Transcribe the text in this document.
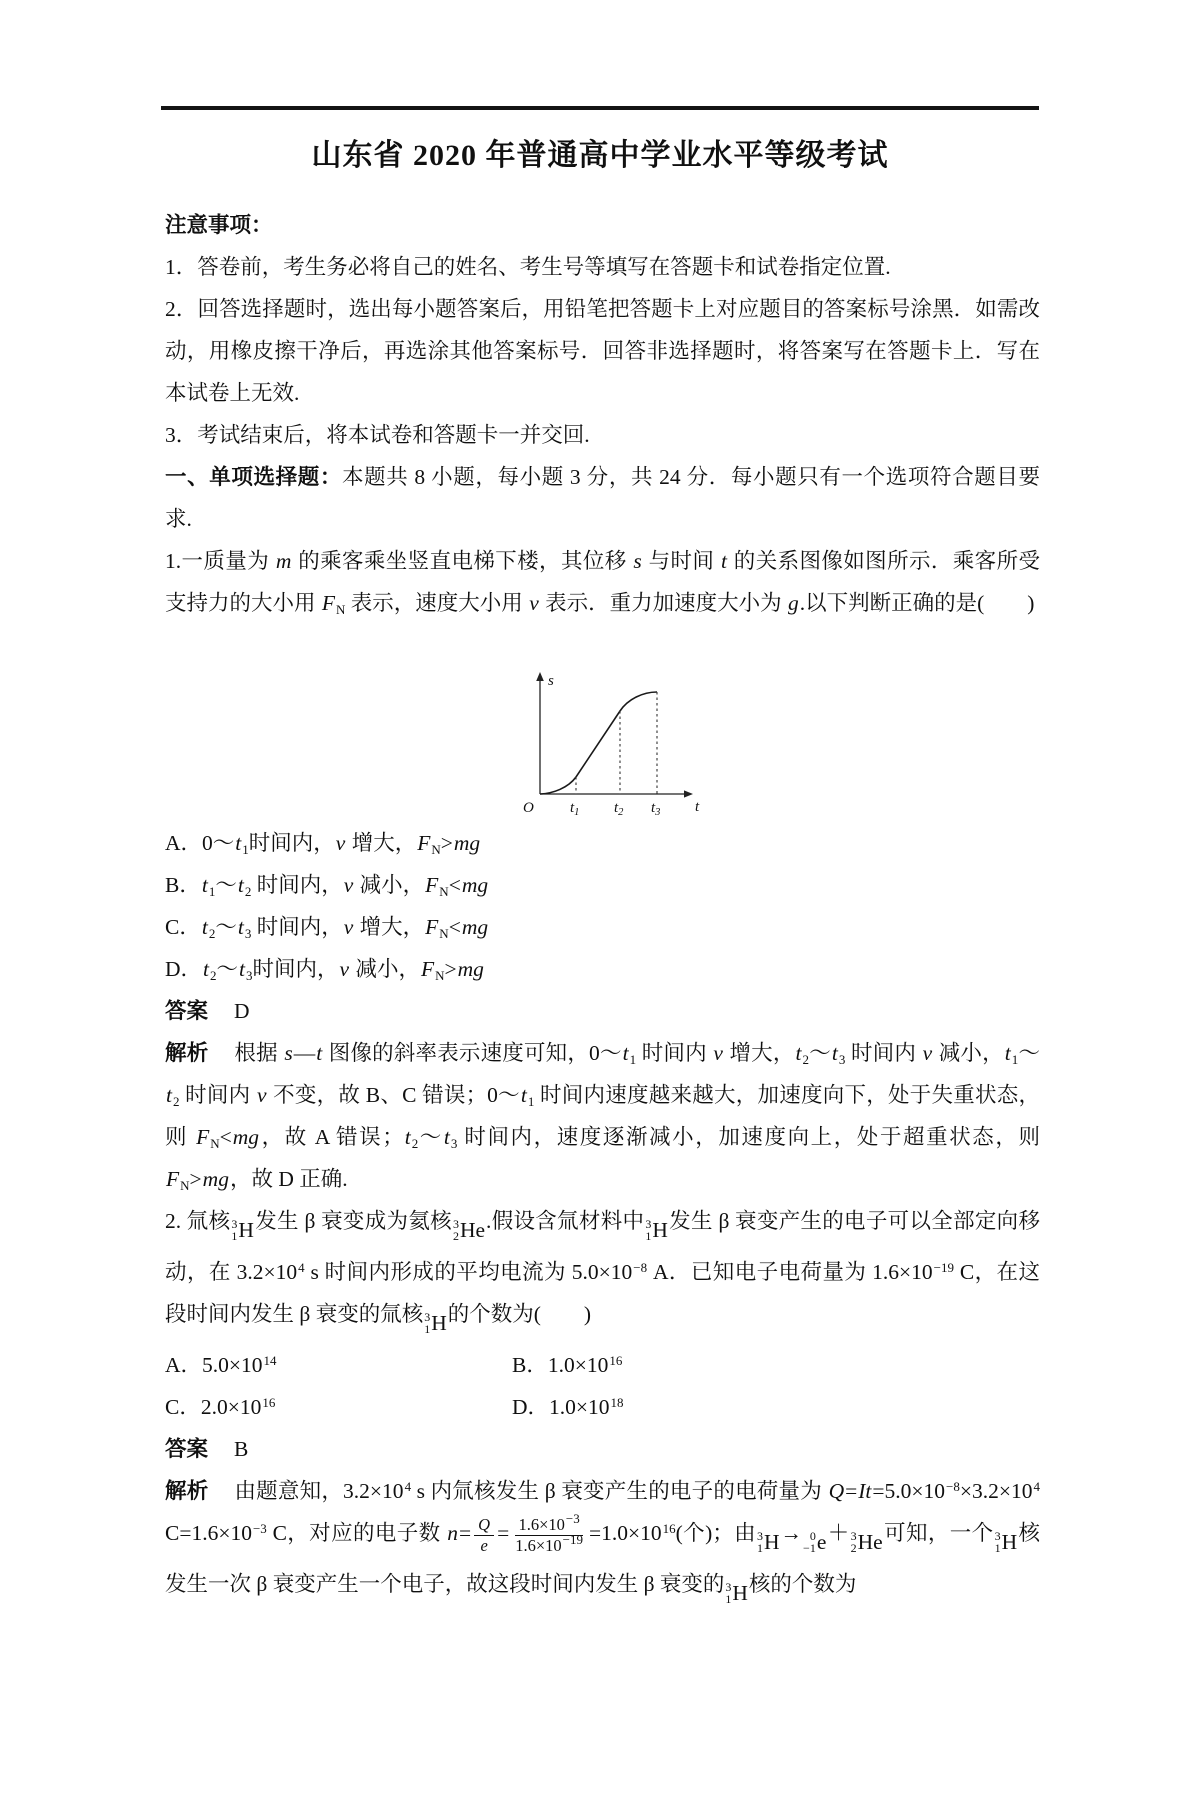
山东省 2020 年普通高中学业水平等级考试

注意事项：

1．答卷前，考生务必将自己的姓名、考生号等填写在答题卡和试卷指定位置.

2．回答选择题时，选出每小题答案后，用铅笔把答题卡上对应题目的答案标号涂黑．如需改动，用橡皮擦干净后，再选涂其他答案标号．回答非选择题时，将答案写在答题卡上．写在本试卷上无效.

3．考试结束后，将本试卷和答题卡一并交回.

一、单项选择题：本题共 8 小题，每小题 3 分，共 24 分．每小题只有一个选项符合题目要求.

1.一质量为 m 的乘客乘坐竖直电梯下楼，其位移 s 与时间 t 的关系图像如图所示．乘客所受支持力的大小用 $F_N$ 表示，速度大小用 v 表示．重力加速度大小为 g.以下判断正确的是(　　)

s
t
O $t_1$ $t_2$ $t_3$

A．$0\sim t_1$时间内，v 增大，$F_N>mg$

B．$t_1\sim t_2$ 时间内，v 减小，$F_N<mg$

C．$t_2\sim t_3$ 时间内，v 增大，$F_N<mg$

D．$t_2\sim t_3$时间内，v 减小，$F_N>mg$

答案 D

解析 根据 s—t 图像的斜率表示速度可知，$0\sim t_1$ 时间内 v 增大，$t_2\sim t_3$ 时间内 v 减小，$t_1\sim t_2$ 时间内 v 不变，故 B、C 错误；$0\sim t_1$ 时间内速度越来越大，加速度向下，处于失重状态，则 $F_N<mg$，故 A 错误；$t_2\sim t_3$ 时间内，速度逐渐减小，加速度向上，处于超重状态，则 $F_N>mg$，故 D 正确.

2. 氚核 3
1 H 发生 β 衰变成为氦核 3
2 He .假设含氚材料中 3
1 H 发生 β 衰变产生的电子可以全部定向移动，在 $3.2\times 10^4$ s 时间内形成的平均电流为 $5.0\times 10^{-8}$ A．已知电子电荷量为 $1.6\times 10^{-19}$ C，在这段时间内发生 β 衰变的氚核 3
1 H 的个数为(　　)

A．$5.0\times 10^{14}$	B．$1.0\times 10^{16}$

C．$2.0\times 10^{16}$	D．$1.0\times 10^{18}$

答案 B

解析 由题意知，$3.2\times 10^4$ s 内氚核发生 β 衰变产生的电子的电荷量为 $Q=It=5.0\times 10^{-8}\times 3.2\times 10^4$ $C=1.6\times 10^{-3}$ C，对应的电子数 $n= \frac{Q}{e} = \frac{1.6\times 10^{-3}}{1.6\times 10^{-19}} =1.0\times 10^{16}$(个)；由 3
1 H → 0
−1 e ＋ 3
2 He 可知，一个 3
1 H 核发生一次 β 衰变产生一个电子，故这段时间内发生 β 衰变的 3
1 H 核的个数为
